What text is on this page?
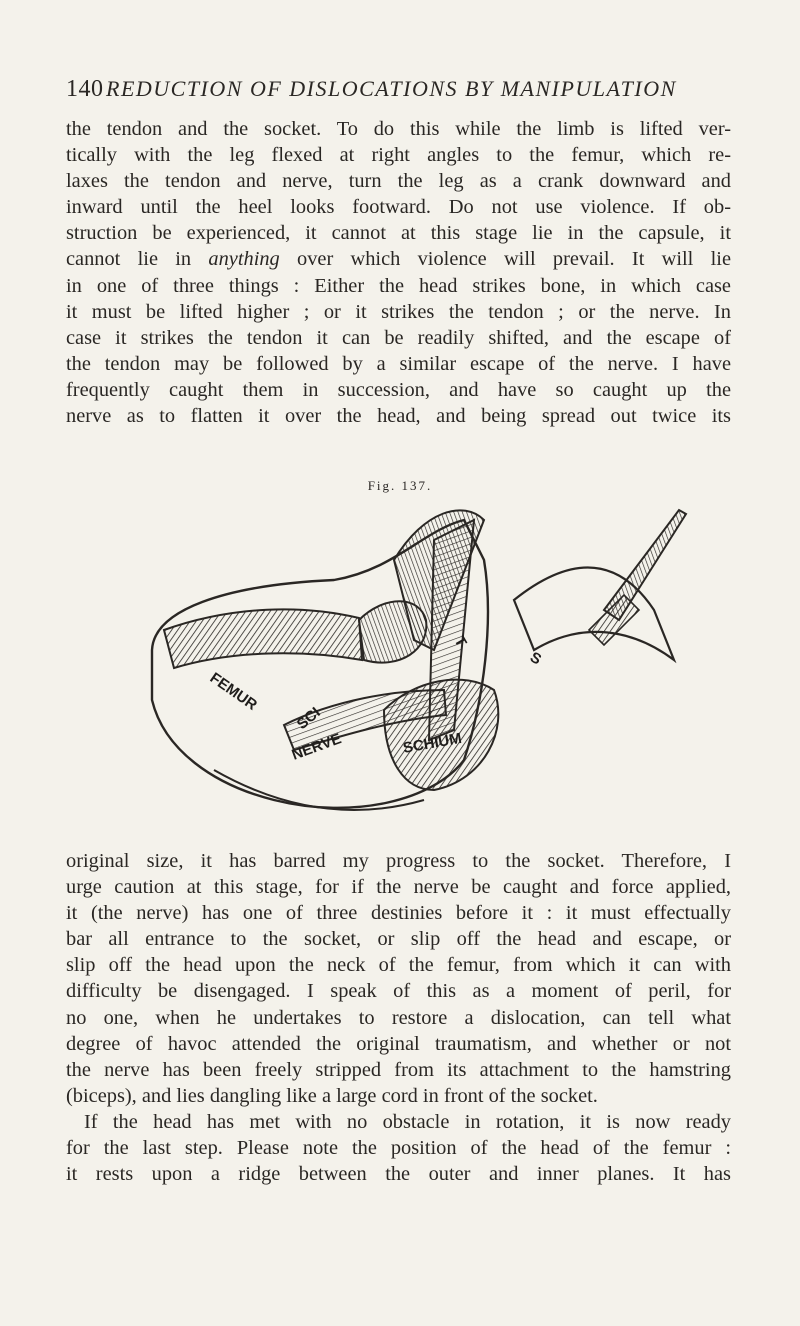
140 REDUCTION OF DISLOCATIONS BY MANIPULATION
the tendon and the socket. To do this while the limb is lifted ver-
tically with the leg flexed at right angles to the femur, which re-
laxes the tendon and nerve, turn the leg as a crank downward and
inward until the heel looks footward. Do not use violence. If ob-
struction be experienced, it cannot at this stage lie in the capsule, it
cannot lie in anything over which violence will prevail. It will lie
in one of three things : Either the head strikes bone, in which case
it must be lifted higher ; or it strikes the tendon ; or the nerve. In
case it strikes the tendon it can be readily shifted, and the escape of
the tendon may be followed by a similar escape of the nerve. I have
frequently caught them in succession, and have so caught up the
nerve as to flatten it over the head, and being spread out twice its
Fig. 137.
FEMUR
SCI
NERVE	SCHIUM
T
S
original size, it has barred my progress to the socket. Therefore, I
urge caution at this stage, for if the nerve be caught and force applied,
it (the nerve) has one of three destinies before it : it must effectually
bar all entrance to the socket, or slip off the head and escape, or
slip off the head upon the neck of the femur, from which it can with
difficulty be disengaged. I speak of this as a moment of peril, for
no one, when he undertakes to restore a dislocation, can tell what
degree of havoc attended the original traumatism, and whether or not
the nerve has been freely stripped from its attachment to the hamstring
(biceps), and lies dangling like a large cord in front of the socket.
If the head has met with no obstacle in rotation, it is now ready
for the last step. Please note the position of the head of the femur :
it rests upon a ridge between the outer and inner planes. It has
